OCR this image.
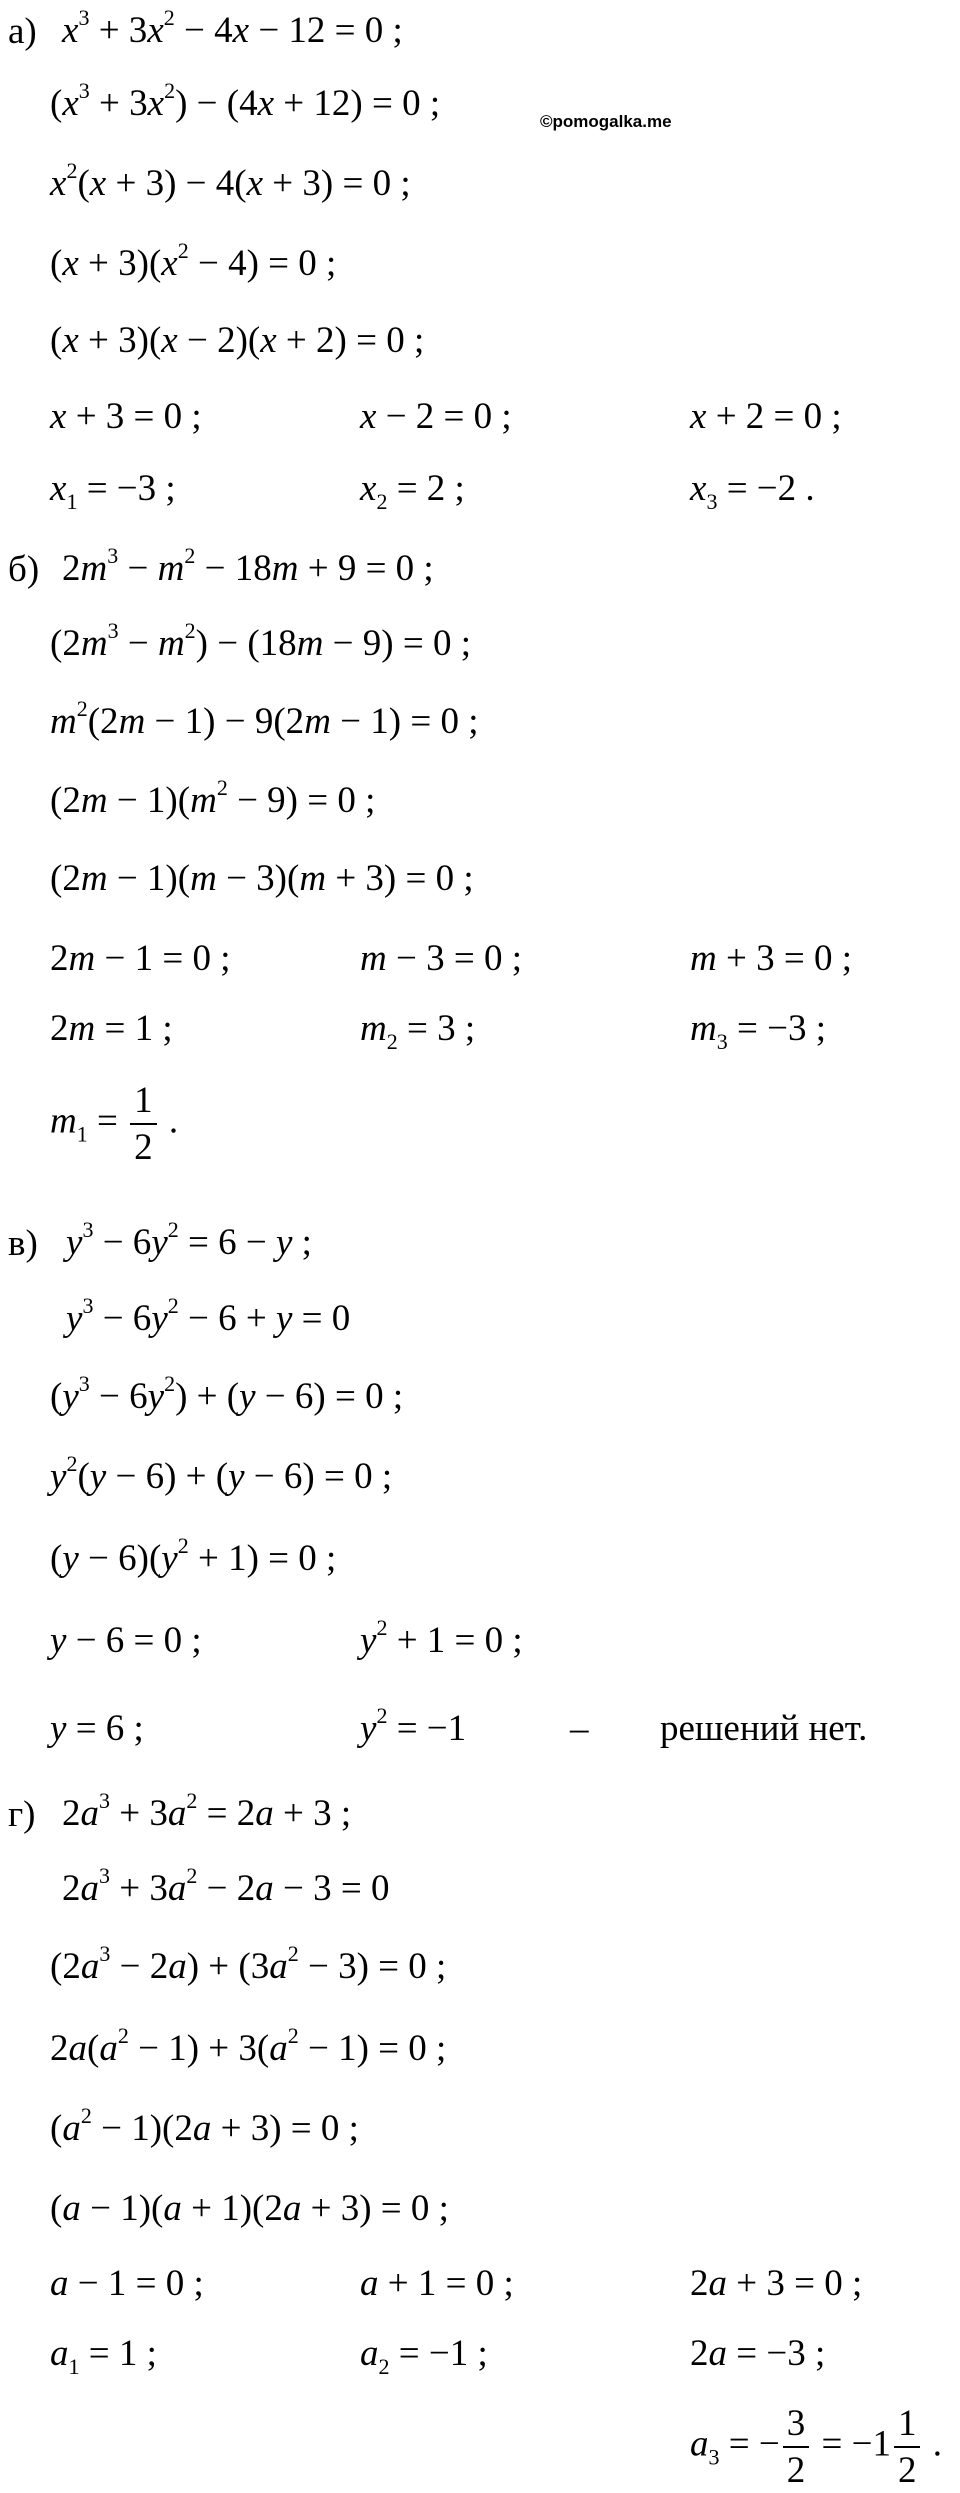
©pomogalka.me
а) $x^3 + 3x^2 - 4x - 12 = 0$ ;
$(x^3 + 3x^2) - (4x + 12) = 0$ ;
$x^2(x + 3) - 4(x + 3) = 0$ ;
$(x + 3)(x^2 - 4) = 0$ ;
(x + 3)(x − 2)(x + 2) = 0 ;
x + 3 = 0 ;	x − 2 = 0 ;	x + 2 = 0 ;
$x_1 = -3$ ;	$x_2 = 2$ ;	$x_3 = -2$ .
б) $2m^3 - m^2 - 18m + 9 = 0$ ;
$(2m^3 - m^2) - (18m - 9) = 0$ ;
$m^2(2m - 1) - 9(2m - 1) = 0$ ;
$(2m - 1)(m^2 - 9) = 0$ ;
(2m − 1)(m − 3)(m + 3) = 0 ;
2m − 1 = 0 ;	m − 3 = 0 ;	m + 3 = 0 ;
2m = 1 ;	$m_2 = 3$ ;	$m_3 = -3$ ;
$m_1 = \frac{1}{2}$ .
в) $y^3 - 6y^2 = 6 - y$ ;
$y^3 - 6y^2 - 6 + y = 0$
$(y^3 - 6y^2) + (y - 6) = 0$ ;
$y^2(y - 6) + (y - 6) = 0$ ;
$(y - 6)(y^2 + 1) = 0$ ;
y − 6 = 0 ;	$y^2 + 1 = 0$ ;
y = 6 ;	$y^2 = -1$	– решений нет.
г) $2a^3 + 3a^2 = 2a + 3$ ;
$2a^3 + 3a^2 - 2a - 3 = 0$
$(2a^3 - 2a) + (3a^2 - 3) = 0$ ;
$2a(a^2 - 1) + 3(a^2 - 1) = 0$ ;
$(a^2 - 1)(2a + 3) = 0$ ;
(a − 1)(a + 1)(2a + 3) = 0 ;
a − 1 = 0 ;	a + 1 = 0 ;	2a + 3 = 0 ;
$a_1 = 1$ ;	$a_2 = -1$ ;	2a = −3 ;
$a_3$ = − $\frac{3}{2} = -1 \frac{1}{2}$ .
